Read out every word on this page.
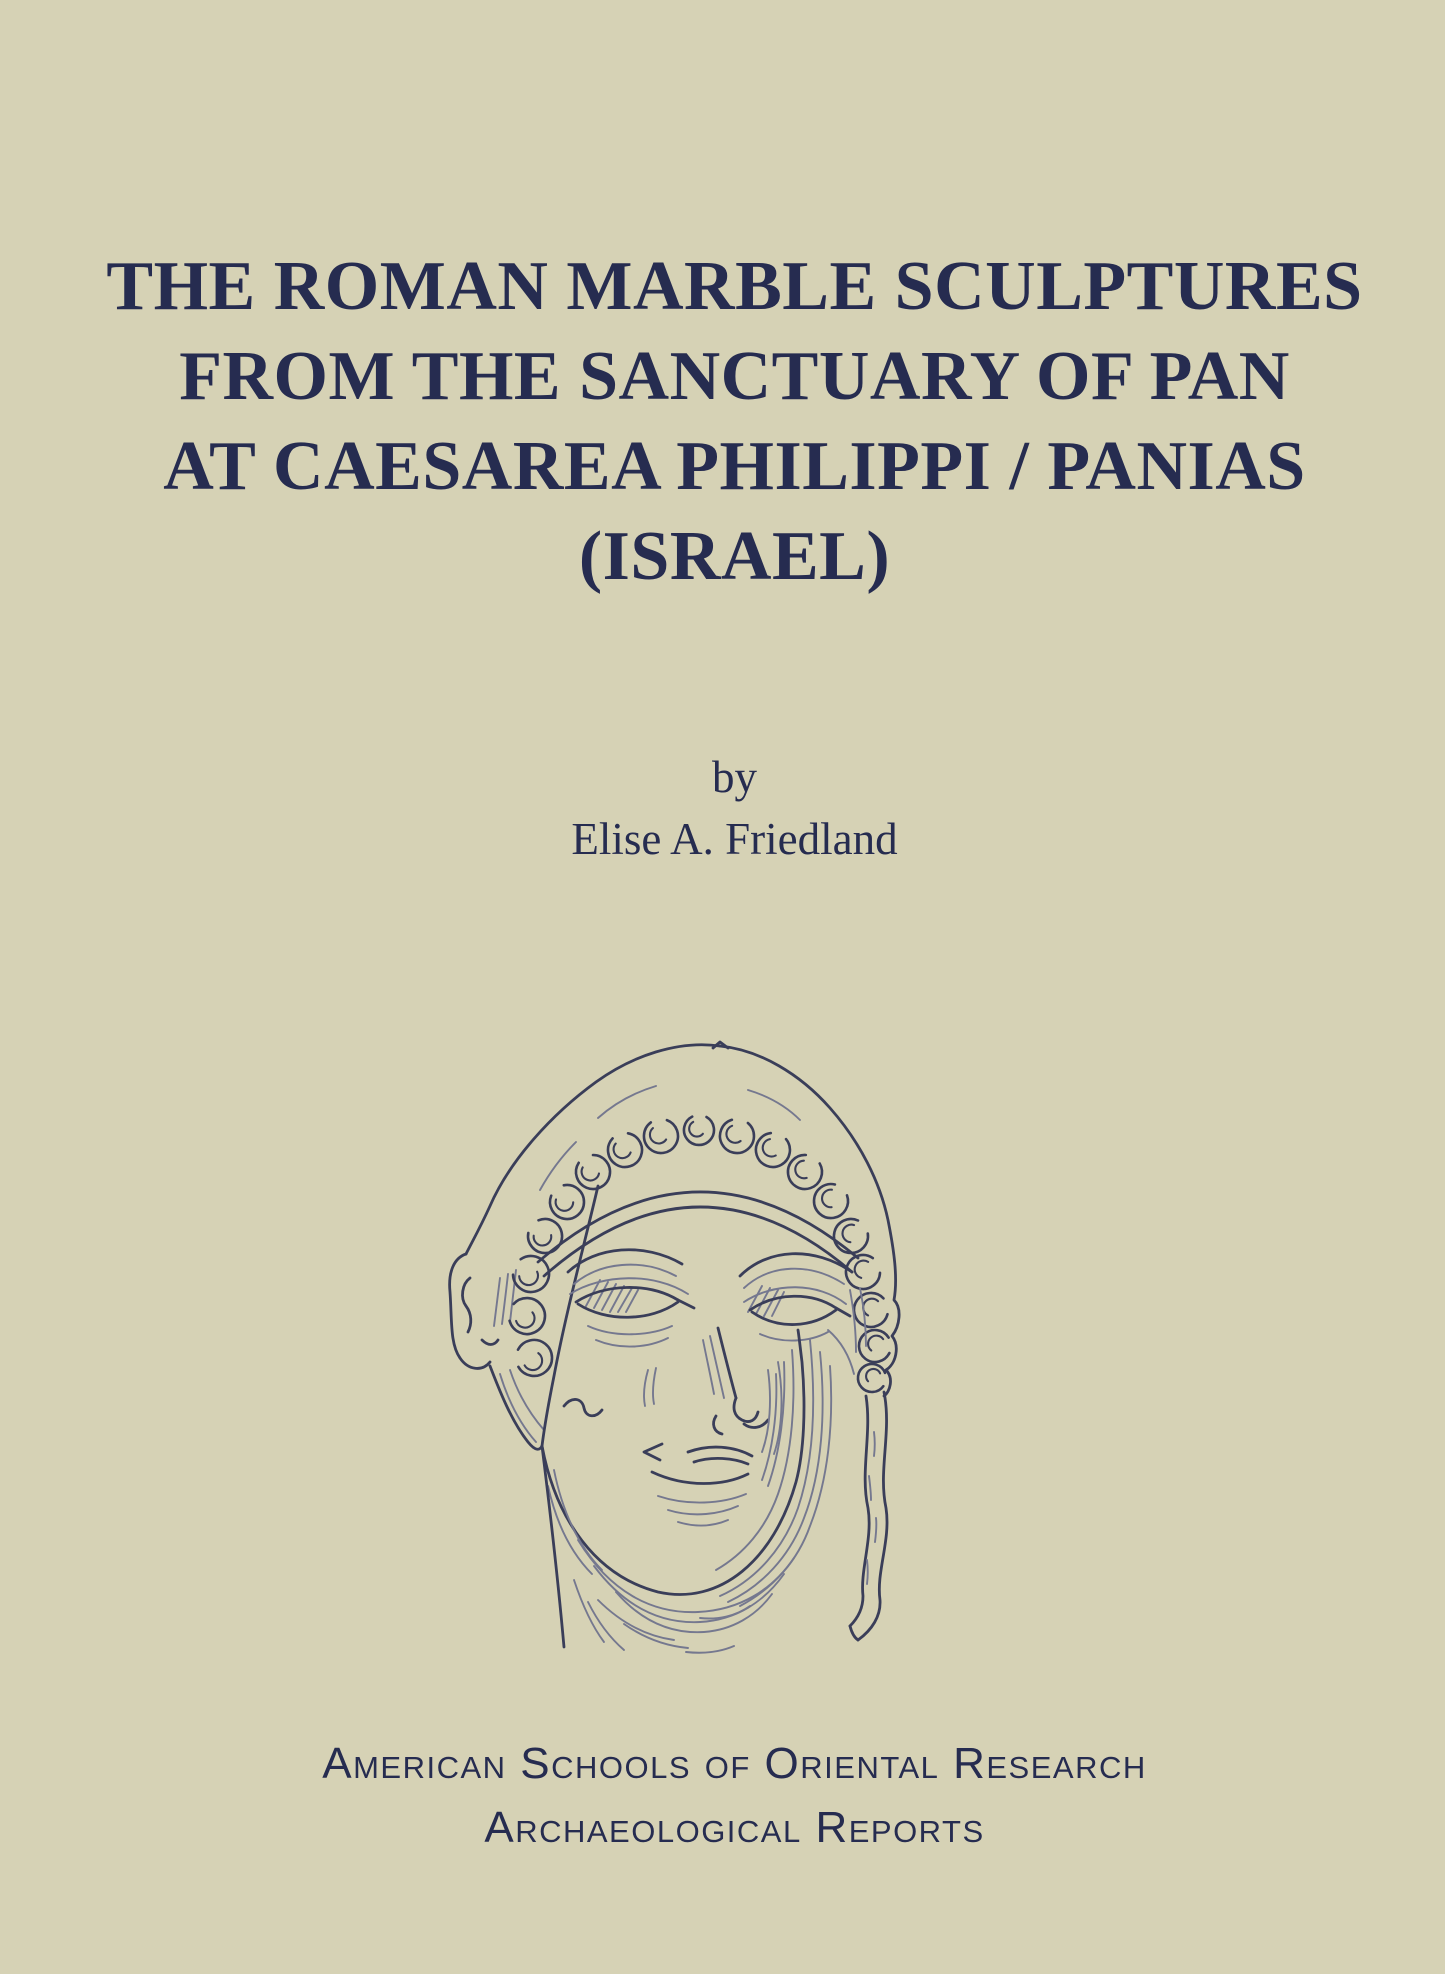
THE ROMAN MARBLE SCULPTURES
FROM THE SANCTUARY OF PAN
AT CAESAREA PHILIPPI / PANIAS
(ISRAEL)
by
Elise A. Friedland
American Schools of Oriental Research
Archaeological Reports
